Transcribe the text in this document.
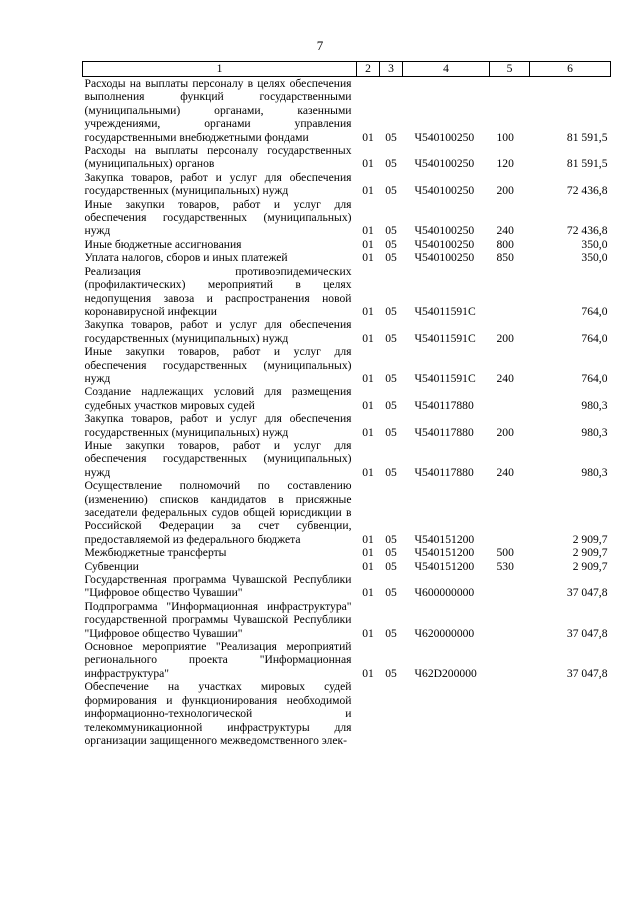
7
1	2	3	4	5	6
Расходы на выплаты персоналу в целях обеспечения выполнения функций государственными (муниципальными) органами, казенными учреждениями, органами управления государственными внебюджетными фондами	01	05	Ч540100250	100	81 591,5
Расходы на выплаты персоналу государственных (муниципальных) органов	01	05	Ч540100250	120	81 591,5
Закупка товаров, работ и услуг для обеспечения государственных (муниципальных) нужд	01	05	Ч540100250	200	72 436,8
Иные закупки товаров, работ и услуг для обеспечения государственных (муниципальных) нужд	01	05	Ч540100250	240	72 436,8
Иные бюджетные ассигнования	01	05	Ч540100250	800	350,0
Уплата налогов, сборов и иных платежей	01	05	Ч540100250	850	350,0
Реализация противоэпидемических (профилактических) мероприятий в целях недопущения завоза и распространения новой коронавирусной инфекции	01	05	Ч54011591С		764,0
Закупка товаров, работ и услуг для обеспечения государственных (муниципальных) нужд	01	05	Ч54011591С	200	764,0
Иные закупки товаров, работ и услуг для обеспечения государственных (муниципальных) нужд	01	05	Ч54011591С	240	764,0
Создание надлежащих условий для размещения судебных участков мировых судей	01	05	Ч540117880		980,3
Закупка товаров, работ и услуг для обеспечения государственных (муниципальных) нужд	01	05	Ч540117880	200	980,3
Иные закупки товаров, работ и услуг для обеспечения государственных (муниципальных) нужд	01	05	Ч540117880	240	980,3
Осуществление полномочий по составлению (изменению) списков кандидатов в присяжные заседатели федеральных судов общей юрисдикции в Российской Федерации за счет субвенции, предоставляемой из федерального бюджета	01	05	Ч540151200		2 909,7
Межбюджетные трансферты	01	05	Ч540151200	500	2 909,7
Субвенции	01	05	Ч540151200	530	2 909,7
Государственная программа Чувашской Республики "Цифровое общество Чувашии"	01	05	Ч600000000		37 047,8
Подпрограмма "Информационная инфраструктура" государственной программы Чувашской Республики "Цифровое общество Чувашии"	01	05	Ч620000000		37 047,8
Основное мероприятие "Реализация мероприятий регионального проекта "Информационная инфраструктура"	01	05	Ч62D200000		37 047,8
Обеспечение на участках мировых судей формирования и функционирования необходимой информационно-технологической и телекоммуникационной инфраструктуры для организации защищенного межведомственного элек-					
